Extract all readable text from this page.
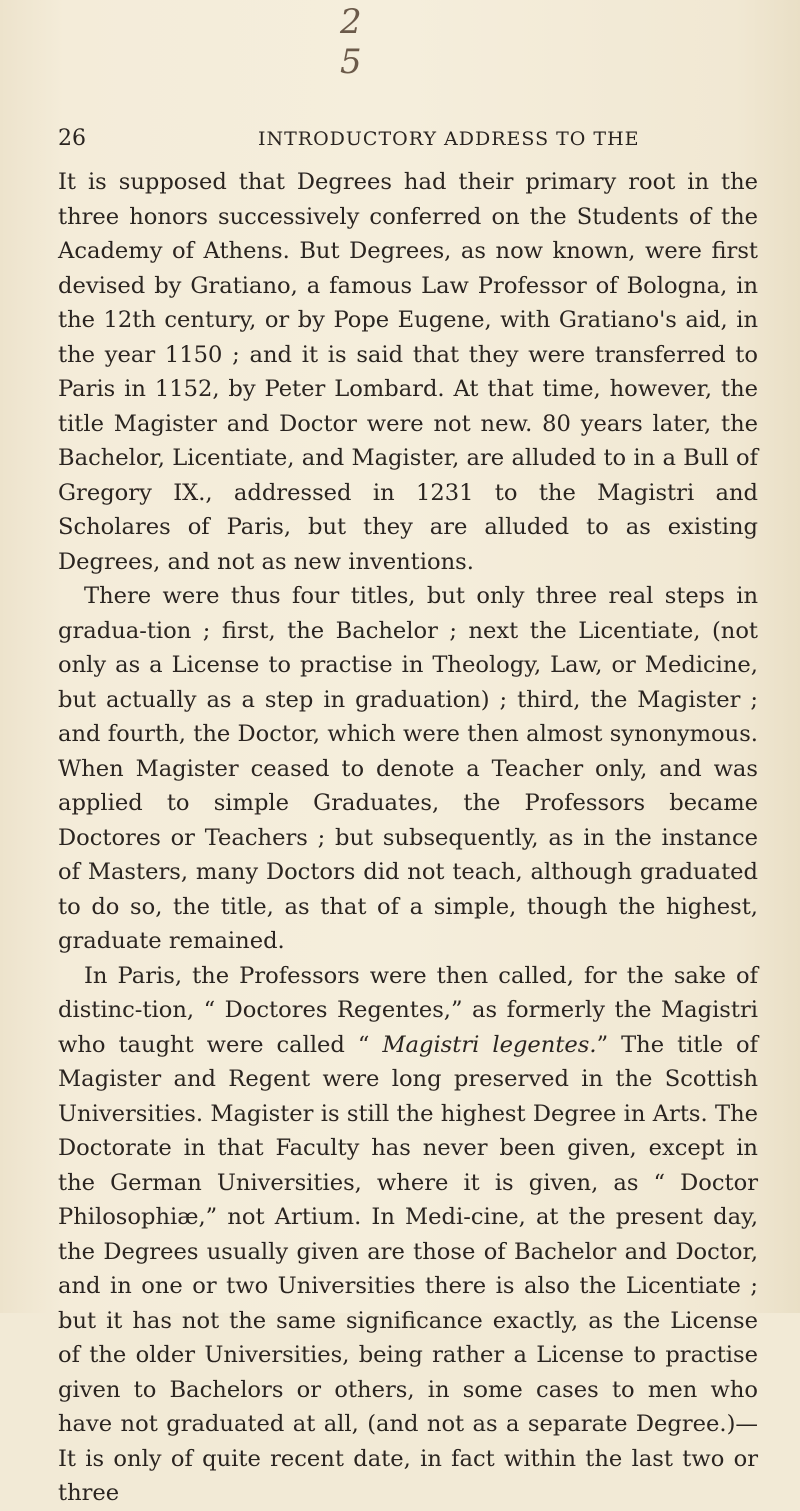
2 5
26	INTRODUCTORY ADDRESS TO THE

It is supposed that Degrees had their primary root in the three honors successively conferred on the Students of the Academy of Athens. But Degrees, as now known, were first devised by Gratiano, a famous Law Professor of Bologna, in the 12th century, or by Pope Eugene, with Gratiano's aid, in the year 1150 ; and it is said that they were transferred to Paris in 1152, by Peter Lombard. At that time, however, the title Magister and Doctor were not new. 80 years later, the Bachelor, Licentiate, and Magister, are alluded to in a Bull of Gregory IX., addressed in 1231 to the Magistri and Scholares of Paris, but they are alluded to as existing Degrees, and not as new inventions.

There were thus four titles, but only three real steps in gradua-tion ; first, the Bachelor ; next the Licentiate, (not only as a License to practise in Theology, Law, or Medicine, but actually as a step in graduation) ; third, the Magister ; and fourth, the Doctor, which were then almost synonymous. When Magister ceased to denote a Teacher only, and was applied to simple Graduates, the Professors became Doctores or Teachers ; but subsequently, as in the instance of Masters, many Doctors did not teach, although graduated to do so, the title, as that of a simple, though the highest, graduate remained.

In Paris, the Professors were then called, for the sake of distinc-tion, “ Doctores Regentes,” as formerly the Magistri who taught were called “ Magistri legentes.” The title of Magister and Regent were long preserved in the Scottish Universities. Magister is still the highest Degree in Arts. The Doctorate in that Faculty has never been given, except in the German Universities, where it is given, as “ Doctor Philosophiæ,” not Artium. In Medi-cine, at the present day, the Degrees usually given are those of Bachelor and Doctor, and in one or two Universities there is also the Licentiate ; but it has not the same significance exactly, as the License of the older Universities, being rather a License to practise given to Bachelors or others, in some cases to men who have not graduated at all, (and not as a separate Degree.)—It is only of quite recent date, in fact within the last two or three
